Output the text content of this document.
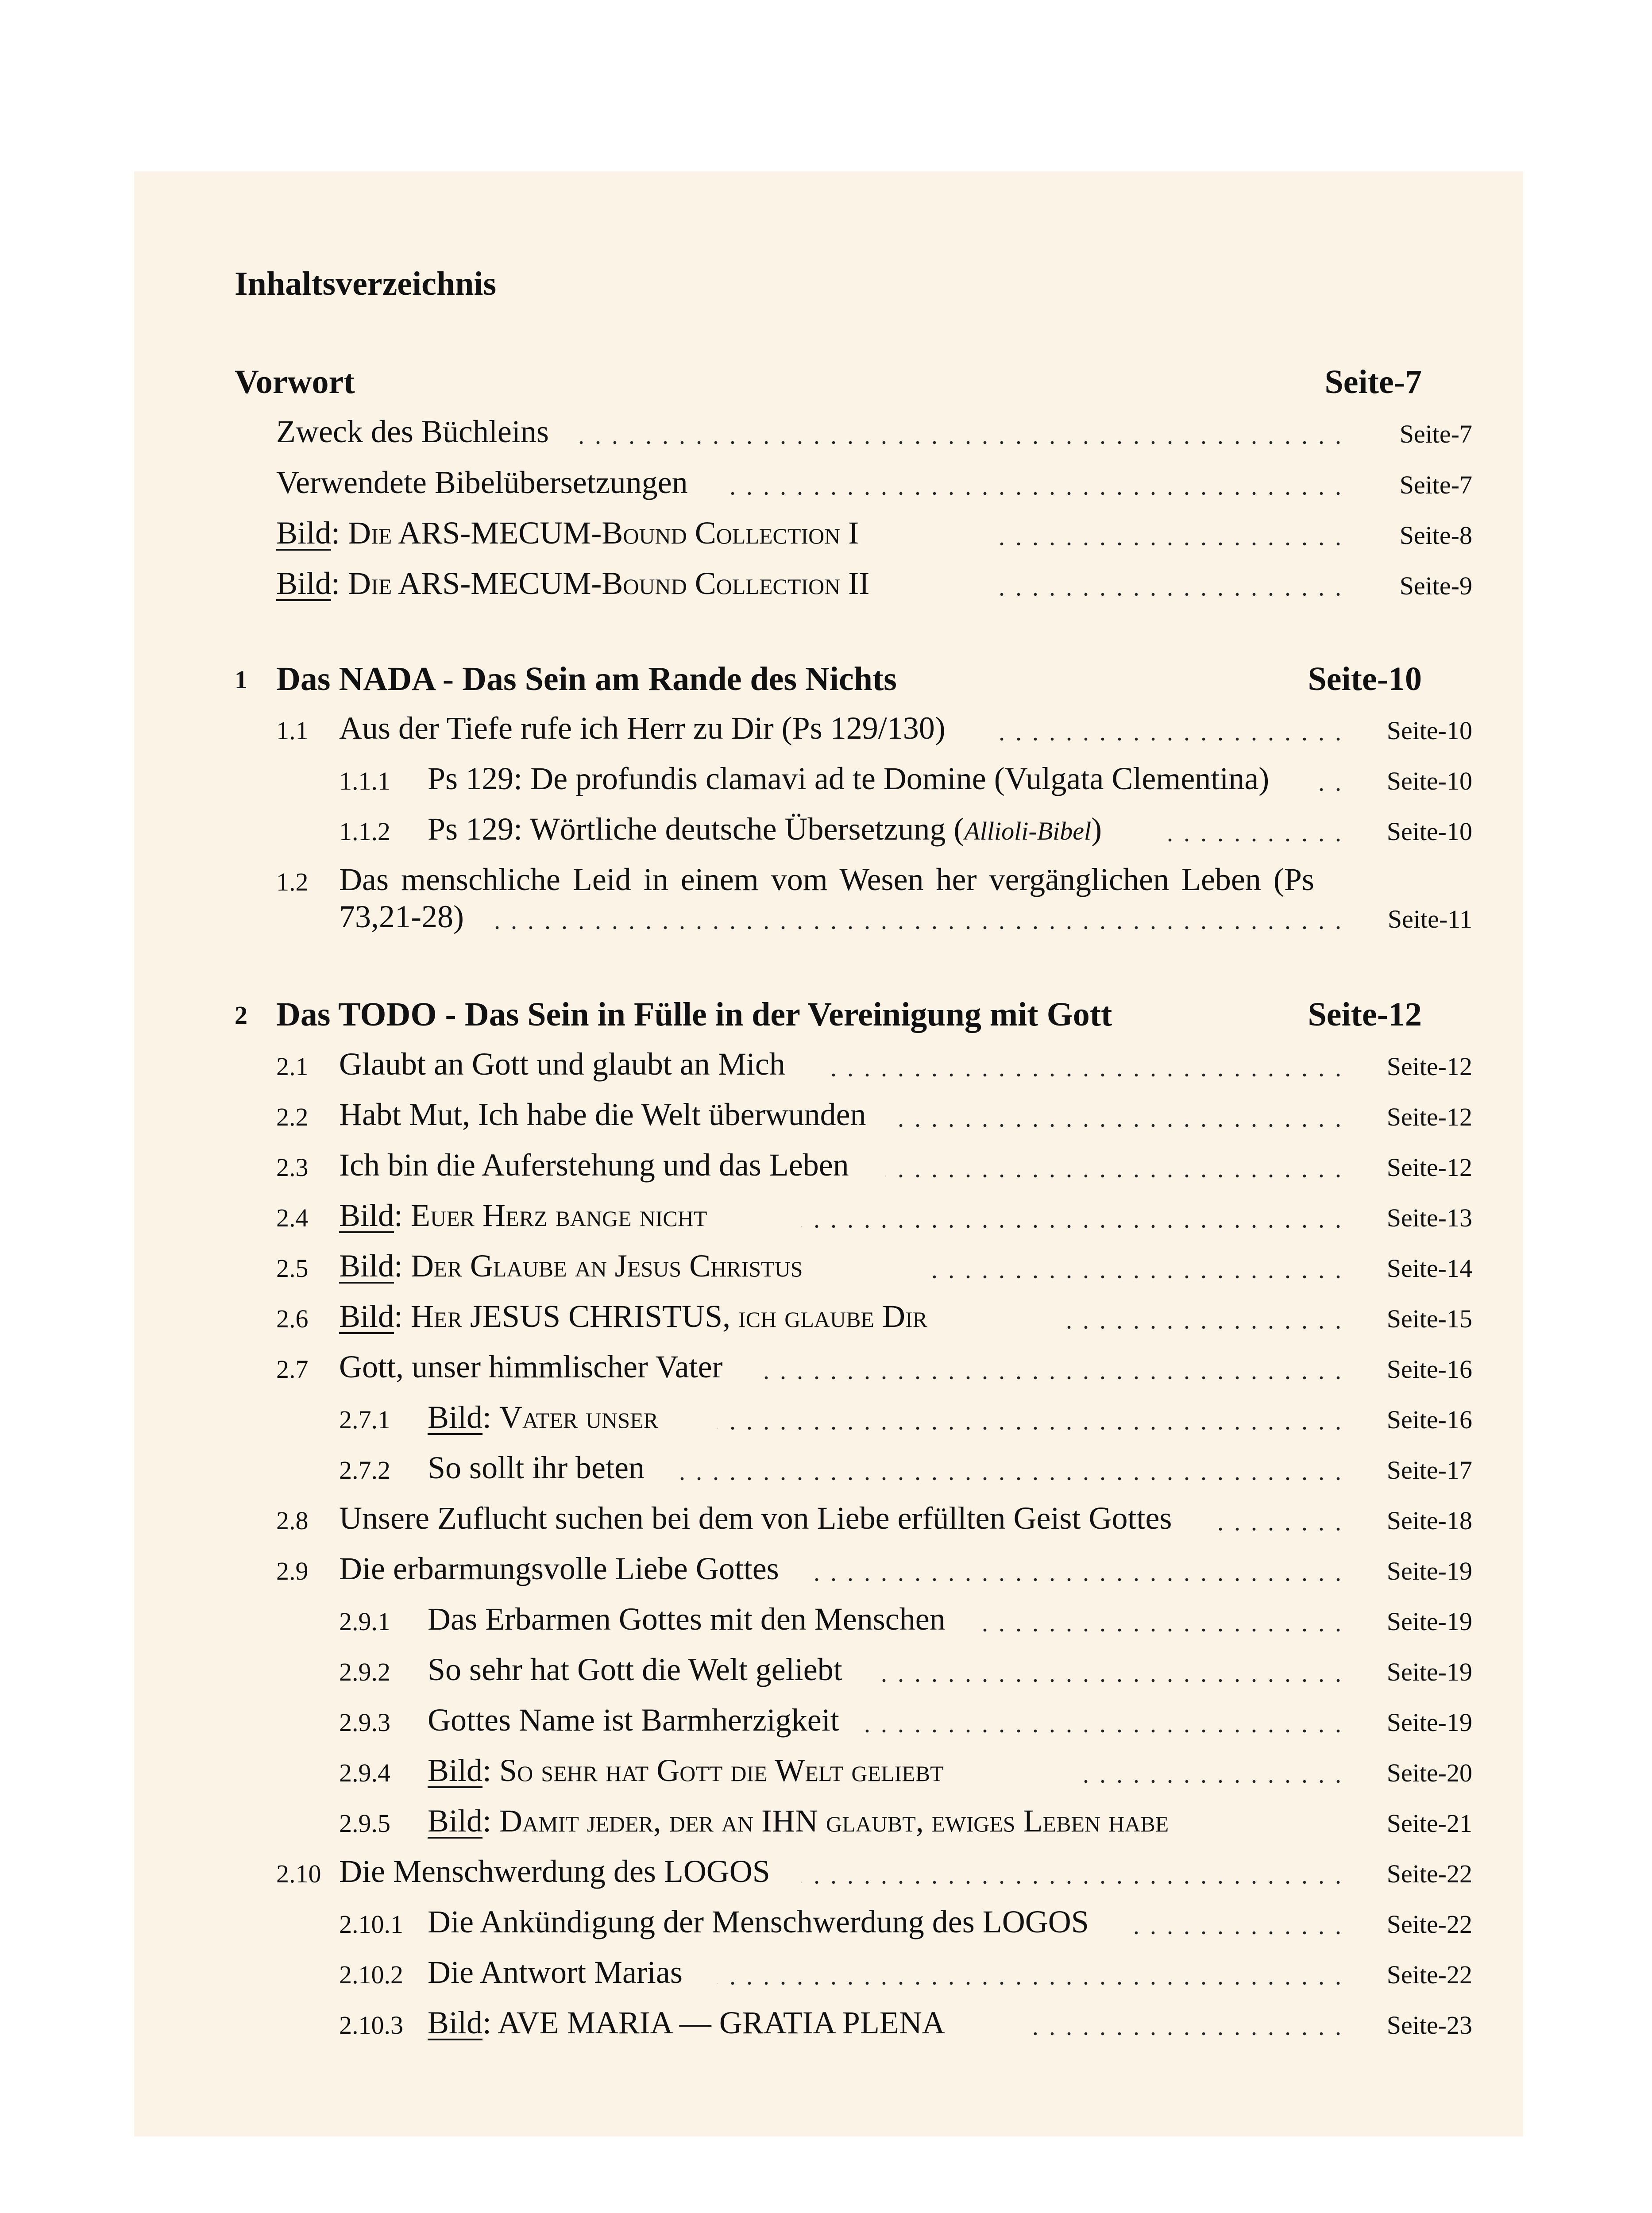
Inhaltsverzeichnis
Vorwort	Seite-7
Zweck des Büchleins	Seite-7
Verwendete Bibelübersetzungen	Seite-7
Bild: Die ARS-MECUM-Bound Collection I	Seite-8
Bild: Die ARS-MECUM-Bound Collection II	Seite-9
1 Das NADA - Das Sein am Rande des Nichts	Seite-10
1.1 Aus der Tiefe rufe ich Herr zu Dir (Ps 129/130)	Seite-10
1.1.1 Ps 129: De profundis clamavi ad te Domine (Vulgata Clementina)	Seite-10
1.1.2 Ps 129: Wörtliche deutsche Übersetzung (Allioli-Bibel)	Seite-10
1.2 Das menschliche Leid in einem vom Wesen her vergänglichen Leben (Ps
73,21-28)	Seite-11
2 Das TODO - Das Sein in Fülle in der Vereinigung mit Gott	Seite-12
2.1 Glaubt an Gott und glaubt an Mich	Seite-12
2.2 Habt Mut, Ich habe die Welt überwunden	Seite-12
2.3 Ich bin die Auferstehung und das Leben	Seite-12
2.4 Bild: Euer Herz bange nicht	Seite-13
2.5 Bild: Der Glaube an Jesus Christus	Seite-14
2.6 Bild: Her JESUS CHRISTUS, ich glaube Dir	Seite-15
2.7 Gott, unser himmlischer Vater	Seite-16
2.7.1 Bild: Vater unser	Seite-16
2.7.2 So sollt ihr beten	Seite-17
2.8 Unsere Zuflucht suchen bei dem von Liebe erfüllten Geist Gottes	Seite-18
2.9 Die erbarmungsvolle Liebe Gottes	Seite-19
2.9.1 Das Erbarmen Gottes mit den Menschen	Seite-19
2.9.2 So sehr hat Gott die Welt geliebt	Seite-19
2.9.3 Gottes Name ist Barmherzigkeit	Seite-19
2.9.4 Bild: So sehr hat Gott die Welt geliebt	Seite-20
2.9.5 Bild: Damit jeder, der an IHN glaubt, ewiges Leben habe	Seite-21
2.10 Die Menschwerdung des LOGOS	Seite-22
2.10.1 Die Ankündigung der Menschwerdung des LOGOS	Seite-22
2.10.2 Die Antwort Marias	Seite-22
2.10.3 Bild: AVE MARIA — GRATIA PLENA	Seite-23
